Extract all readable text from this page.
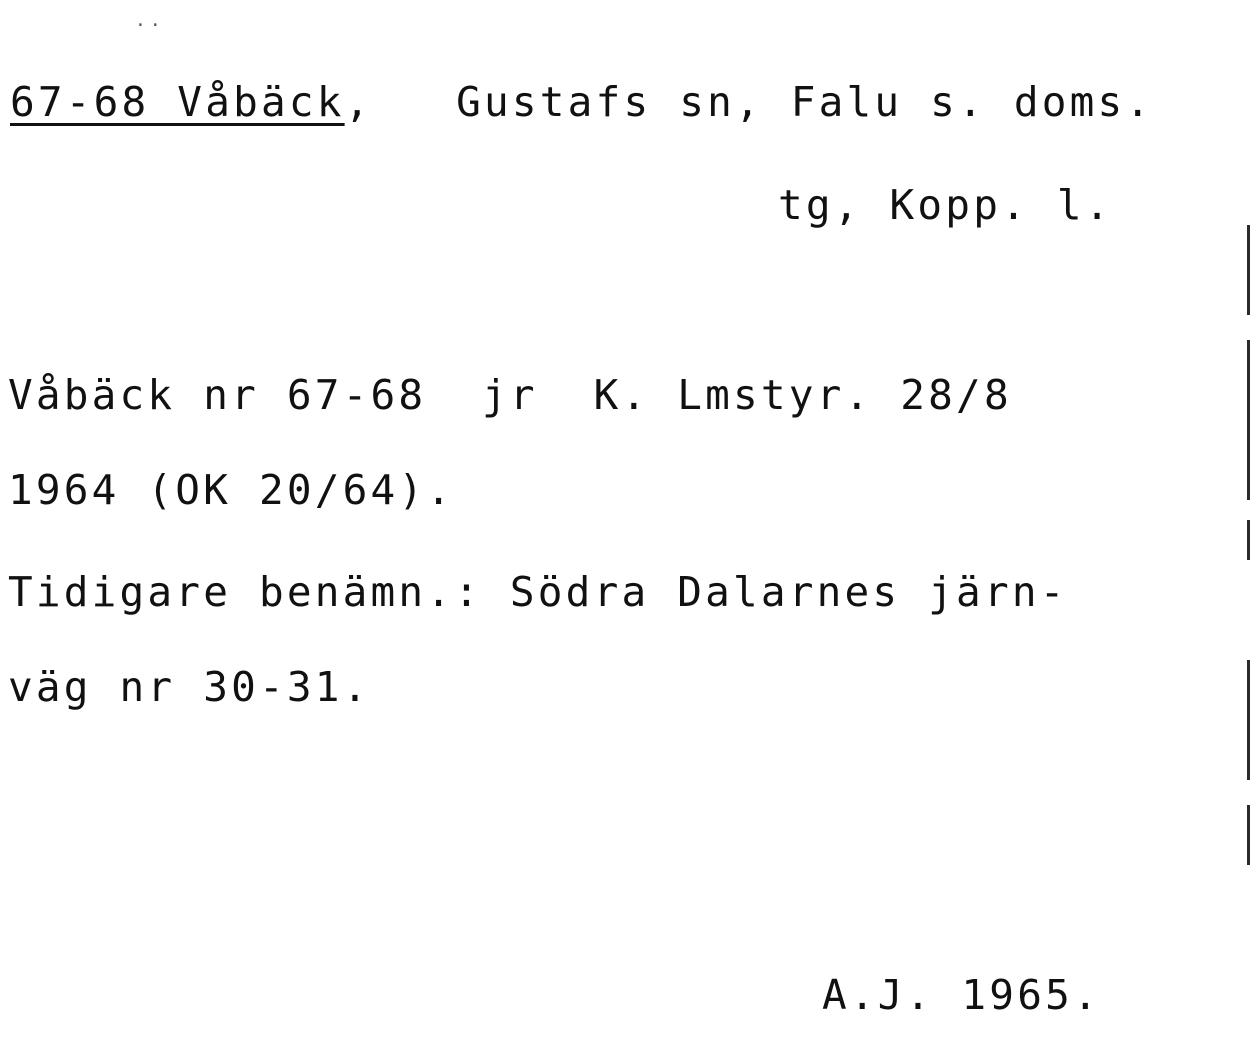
..
67-68 Våbäck,   Gustafs sn, Falu s. doms.
tg, Kopp. l.
Våbäck nr 67-68  jr  K. Lmstyr. 28/8
1964 (OK 20/64).
Tidigare benämn.: Södra Dalarnes järn-
väg nr 30-31.
A.J. 1965.
